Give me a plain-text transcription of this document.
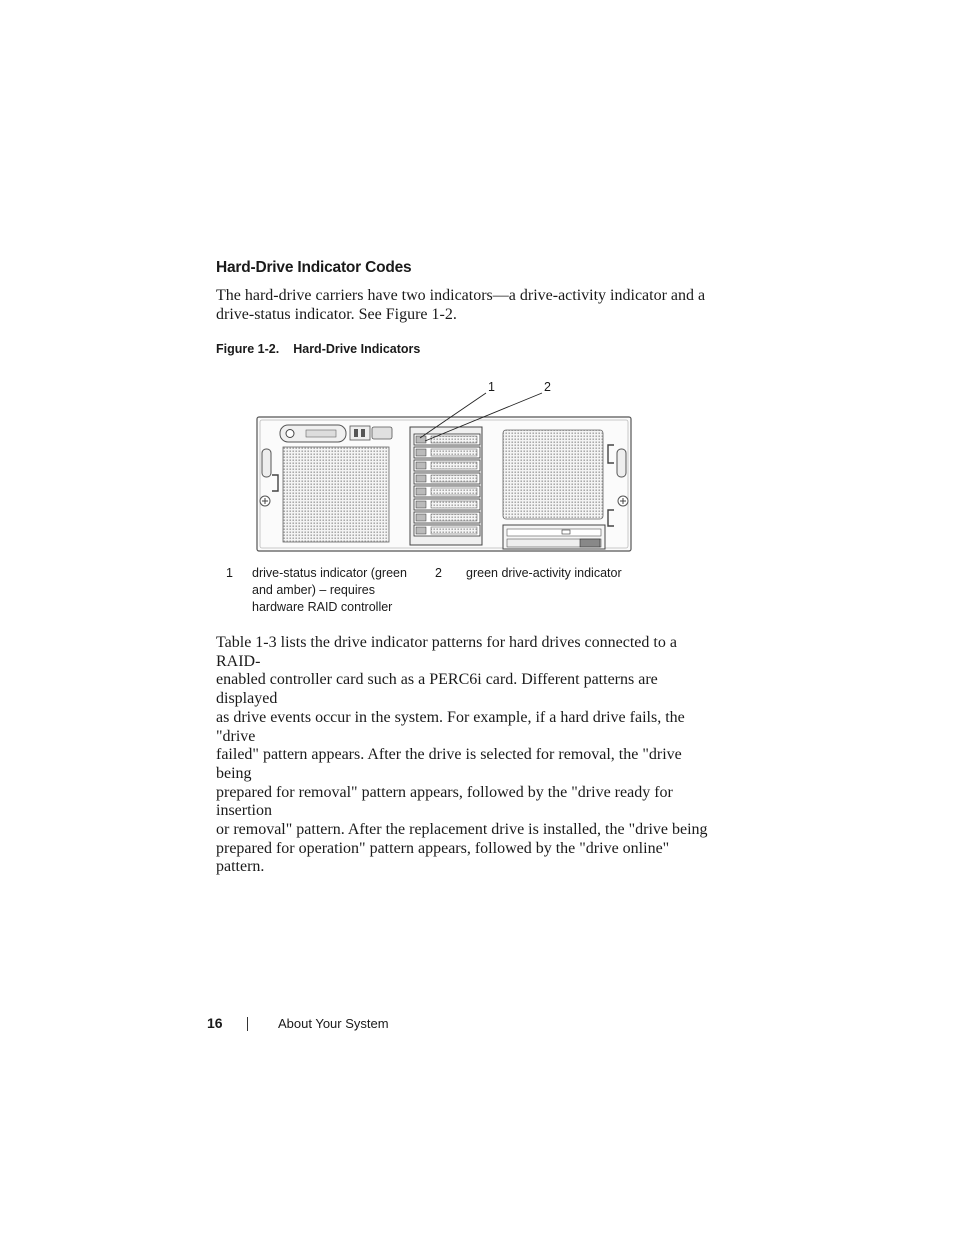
Hard-Drive Indicator Codes

The hard-drive carriers have two indicators—a drive-activity indicator and a

drive-status indicator. See Figure 1-2.

Figure 1-2. Hard-Drive Indicators
1	2
1 drive-status indicator (green
and amber) – requires
hardware RAID controller
2 green drive-activity indicator

Table 1-3 lists the drive indicator patterns for hard drives connected to a RAID-

enabled controller card such as a PERC6i card. Different patterns are displayed

as drive events occur in the system. For example, if a hard drive fails, the "drive

failed" pattern appears. After the drive is selected for removal, the "drive being

prepared for removal" pattern appears, followed by the "drive ready for insertion

or removal" pattern. After the replacement drive is installed, the "drive being

prepared for operation" pattern appears, followed by the "drive online" pattern.

16	About Your System
